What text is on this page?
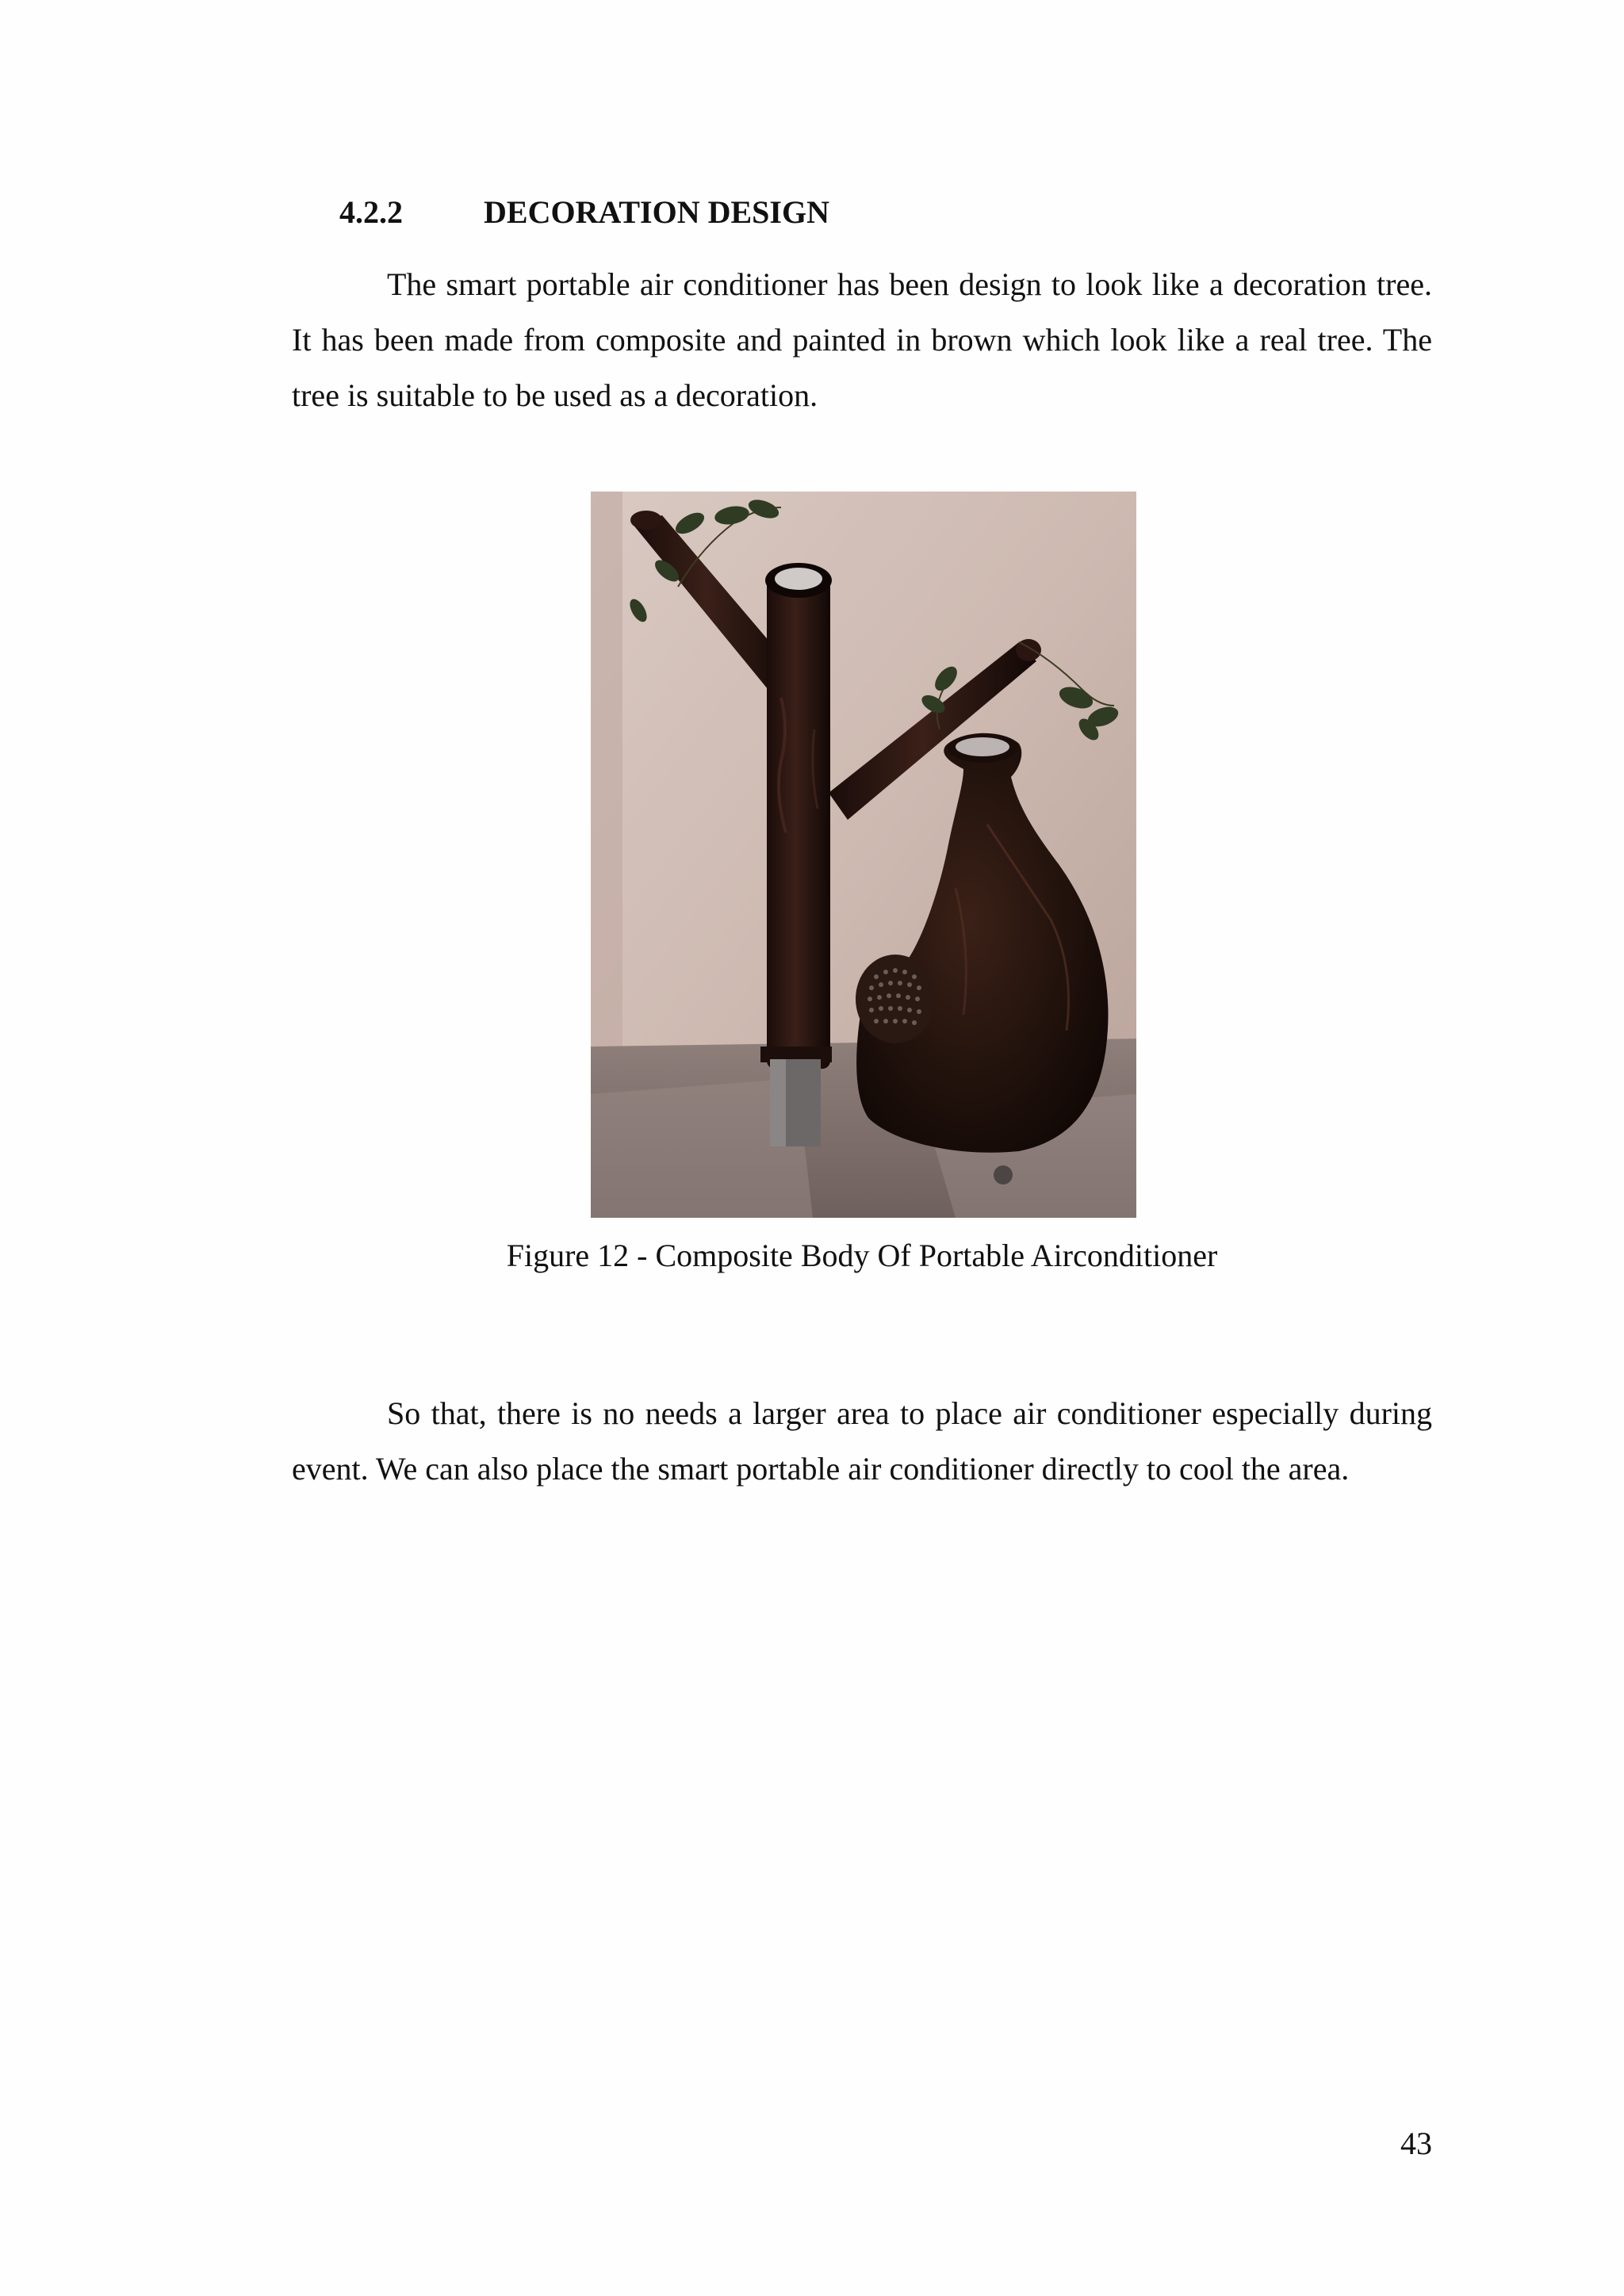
4.2.2	DECORATION DESIGN

The smart portable air conditioner has been design to look like a decoration tree. It has been made from composite and painted in brown which look like a real tree. The tree is suitable to be used as a decoration.

Figure 12 - Composite Body Of Portable Airconditioner

So that, there is no needs a larger area to place air conditioner especially during event. We can also place the smart portable air conditioner directly to cool the area.

43
